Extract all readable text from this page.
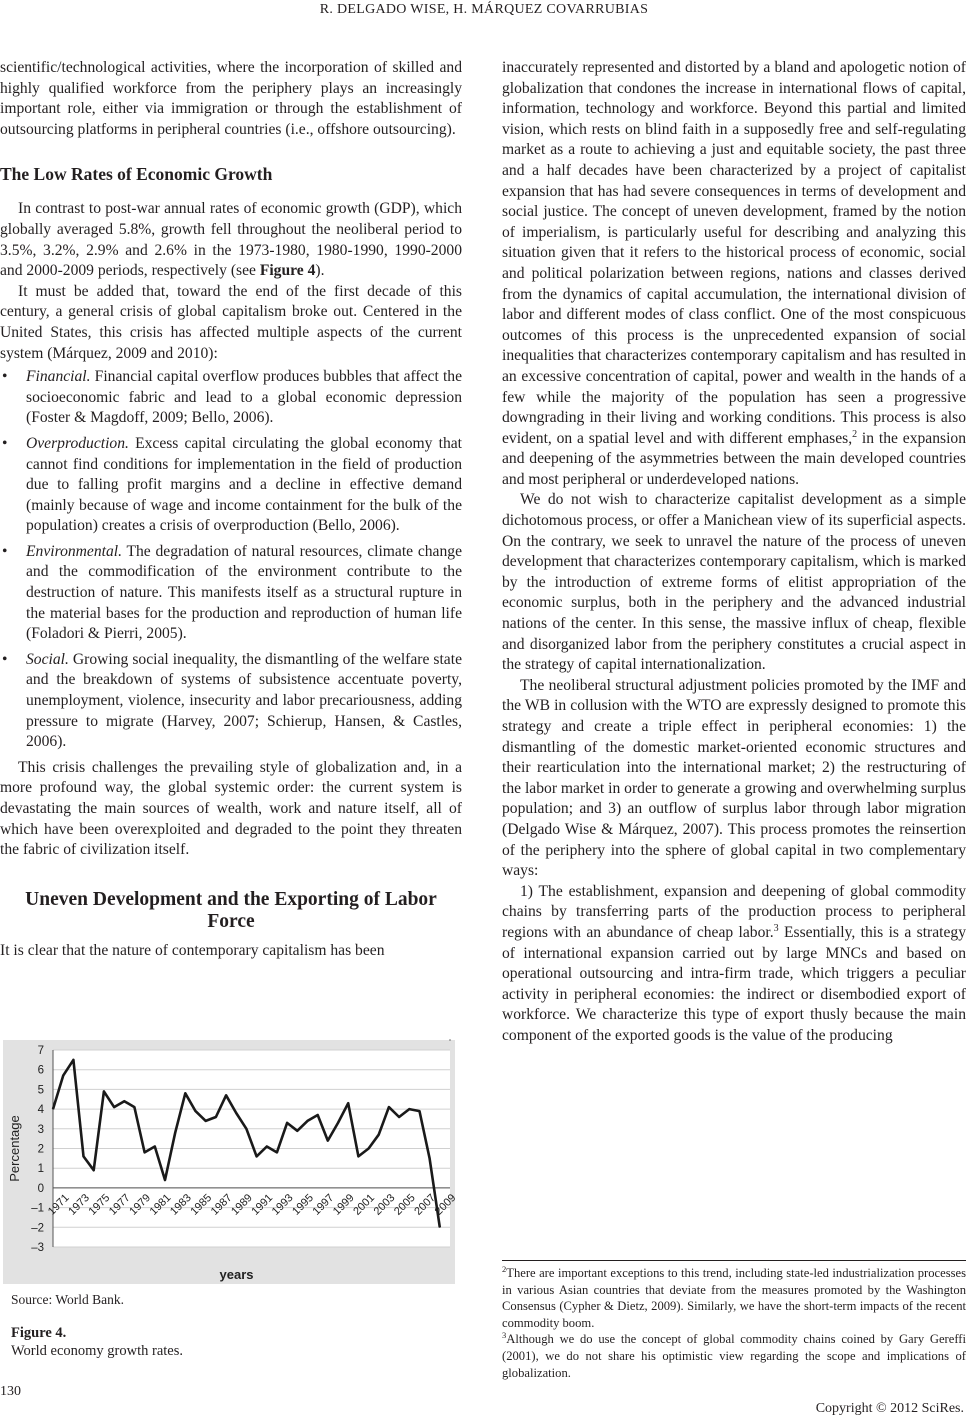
R. DELGADO WISE, H. MÁRQUEZ COVARRUBIAS

scientific/technological activities, where the incorporation of skilled and highly qualified workforce from the periphery plays an increasingly important role, either via immigration or through the establishment of outsourcing platforms in peripheral countries (i.e., offshore outsourcing).

The Low Rates of Economic Growth

In contrast to post-war annual rates of economic growth (GDP), which globally averaged 5.8%, growth fell throughout the neoliberal period to 3.5%, 3.2%, 2.9% and 2.6% in the 1973-1980, 1980-1990, 1990-2000 and 2000-2009 periods, respectively (see Figure 4).

It must be added that, toward the end of the first decade of this century, a general crisis of global capitalism broke out. Centered in the United States, this crisis has affected multiple aspects of the current system (Márquez, 2009 and 2010):

• Financial. Financial capital overflow produces bubbles that affect the socioeconomic fabric and lead to a global economic depression (Foster & Magdoff, 2009; Bello, 2006).
• Overproduction. Excess capital circulating the global economy that cannot find conditions for implementation in the field of production due to falling profit margins and a decline in effective demand (mainly because of wage and income containment for the bulk of the population) creates a crisis of overproduction (Bello, 2006).
• Environmental. The degradation of natural resources, climate change and the commodification of the environment contribute to the destruction of nature. This manifests itself as a structural rupture in the material bases for the production and reproduction of human life (Foladori & Pierri, 2005).
• Social. Growing social inequality, the dismantling of the welfare state and the breakdown of systems of subsistence accentuate poverty, unemployment, violence, insecurity and labor precariousness, adding pressure to migrate (Harvey, 2007; Schierup, Hansen, & Castles, 2006).

This crisis challenges the prevailing style of globalization and, in a more profound way, the global systemic order: the current system is devastating the main sources of wealth, work and nature itself, all of which have been overexploited and degraded to the point they threaten the fabric of civilization itself.

Uneven Development and the Exporting of Labor Force

It is clear that the nature of contemporary capitalism has been

7
6
5
4
3
2
1
0
–1
–2
–3
1971
1973
1975
1977
1979
1981
1983
1985
1987
1989
1991
1993
1995
1997
1999
2001
2003
2005
2007
2009
Percentage
years
Source: World Bank.
Figure 4.
World economy growth rates.

inaccurately represented and distorted by a bland and apologetic notion of globalization that condones the increase in international flows of capital, information, technology and workforce. Beyond this partial and limited vision, which rests on blind faith in a supposedly free and self-regulating market as a route to achieving a just and equitable society, the past three and a half decades have been characterized by a project of capitalist expansion that has had severe consequences in terms of development and social justice. The concept of uneven development, framed by the notion of imperialism, is particularly useful for describing and analyzing this situation given that it refers to the historical process of economic, social and political polarization between regions, nations and classes derived from the dynamics of capital accumulation, the international division of labor and different modes of class conflict. One of the most conspicuous outcomes of this process is the unprecedented expansion of social inequalities that characterizes contemporary capitalism and has resulted in an excessive concentration of capital, power and wealth in the hands of a few while the majority of the population has seen a progressive downgrading in their living and working conditions. This process is also evident, on a spatial level and with different emphases,$^2$ in the expansion and deepening of the asymmetries between the main developed countries and most peripheral or underdeveloped nations.

We do not wish to characterize capitalist development as a simple dichotomous process, or offer a Manichean view of its superficial aspects. On the contrary, we seek to unravel the nature of the process of uneven development that characterizes contemporary capitalism, which is marked by the introduction of extreme forms of elitist appropriation of the economic surplus, both in the periphery and the advanced industrial nations of the center. In this sense, the massive influx of cheap, flexible and disorganized labor from the periphery constitutes a crucial aspect in the strategy of capital internationalization.

The neoliberal structural adjustment policies promoted by the IMF and the WB in collusion with the WTO are expressly designed to promote this strategy and create a triple effect in peripheral economies: 1) the dismantling of the domestic market-oriented economic structures and their rearticulation into the international market; 2) the restructuring of the labor market in order to generate a growing and overwhelming surplus population; and 3) an outflow of surplus labor through labor migration (Delgado Wise & Márquez, 2007). This process promotes the reinsertion of the periphery into the sphere of global capital in two complementary ways:

1) The establishment, expansion and deepening of global commodity chains by transferring parts of the production process to peripheral regions with an abundance of cheap labor.$^3$ Essentially, this is a strategy of international expansion carried out by large MNCs and based on operational outsourcing and intra-firm trade, which triggers a peculiar activity in peripheral economies: the indirect or disembodied export of workforce. We characterize this type of export thusly because the main component of the exported goods is the value of the producing

$^2$There are important exceptions to this trend, including state-led industrialization processes in various Asian countries that deviate from the measures promoted by the Washington Consensus (Cypher & Dietz, 2009). Similarly, we have the short-term impacts of the recent commodity boom.

$^3$Although we do use the concept of global commodity chains coined by Gary Gereffi (2001), we do not share his optimistic view regarding the scope and implications of globalization.

130
Copyright © 2012 SciRes.
